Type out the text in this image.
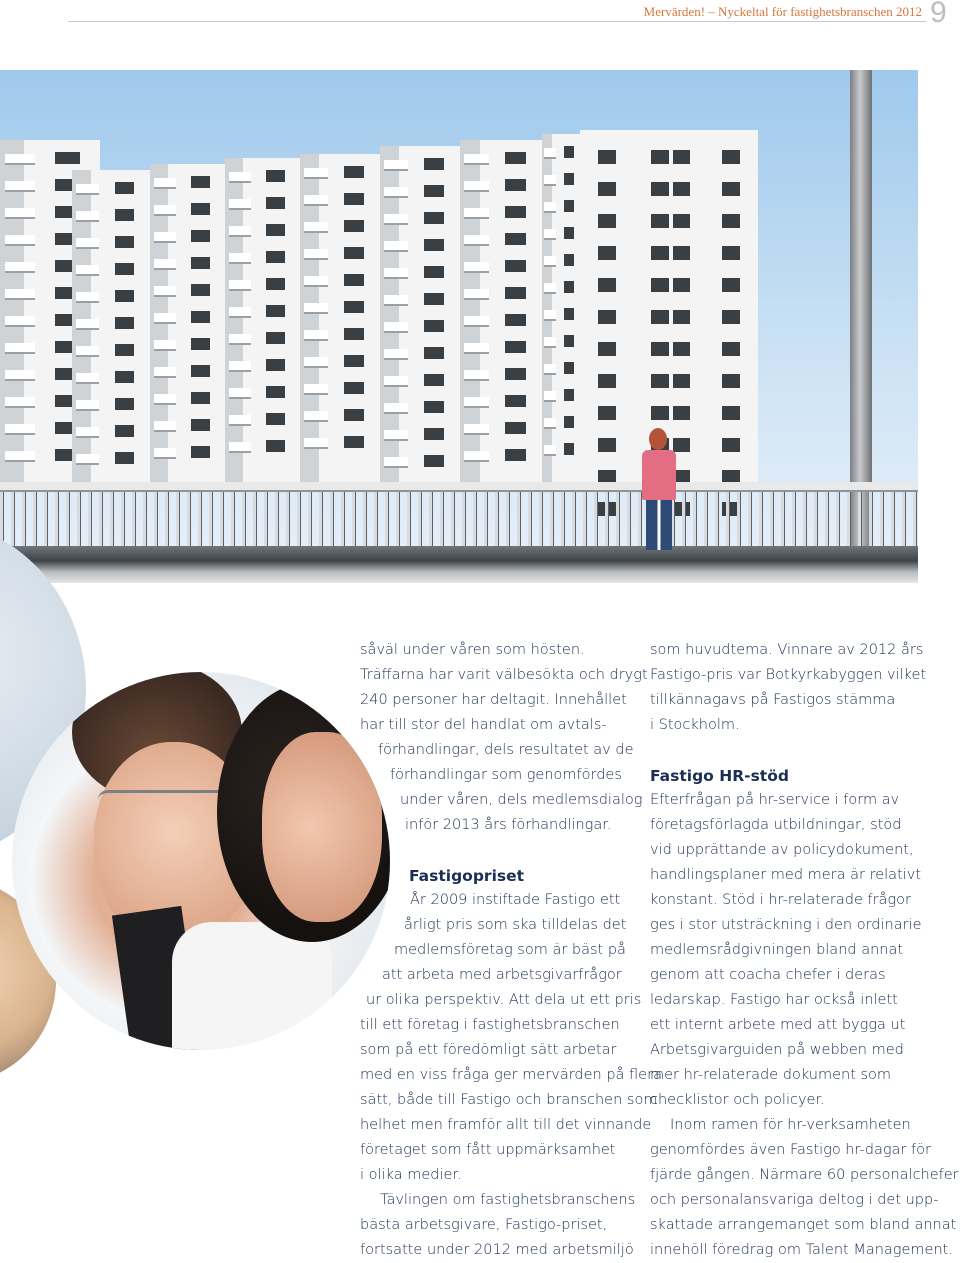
Mervärden! – Nyckeltal för fastighetsbranschen 2012 9
såväl under våren som hösten.
Träffarna har varit välbesökta och drygt
240 personer har deltagit. Innehållet
har till stor del handlat om avtals-
förhandlingar, dels resultatet av de
förhandlingar som genomfördes
under våren, dels medlemsdialog
inför 2013 års förhandlingar.
Fastigopriset
År 2009 instiftade Fastigo ett
årligt pris som ska tilldelas det
medlemsföretag som är bäst på
att arbeta med arbetsgivarfrågor
ur olika perspektiv. Att dela ut ett pris
till ett företag i fastighetsbranschen
som på ett föredömligt sätt arbetar
med en viss fråga ger mervärden på flera
sätt, både till Fastigo och branschen som
helhet men framför allt till det vinnande
företaget som fått uppmärksamhet
i olika medier.
Tävlingen om fastighetsbranschens
bästa arbetsgivare, Fastigo-priset,
fortsatte under 2012 med arbetsmiljö
som huvudtema. Vinnare av 2012 års
Fastigo-pris var Botkyrkabyggen vilket
tillkännagavs på Fastigos stämma
i Stockholm.
Fastigo HR-stöd
Efterfrågan på hr-service i form av
företagsförlagda utbildningar, stöd
vid upprättande av policydokument,
handlingsplaner med mera är relativt
konstant. Stöd i hr-relaterade frågor
ges i stor utsträckning i den ordinarie
medlemsrådgivningen bland annat
genom att coacha chefer i deras
ledarskap. Fastigo har också inlett
ett internt arbete med att bygga ut
Arbetsgivarguiden på webben med
mer hr-relaterade dokument som
checklistor och policyer.
Inom ramen för hr-verksamheten
genomfördes även Fastigo hr-dagar för
fjärde gången. Närmare 60 personalchefer
och personalansvariga deltog i det upp-
skattade arrangemanget som bland annat
innehöll föredrag om Talent Management.
